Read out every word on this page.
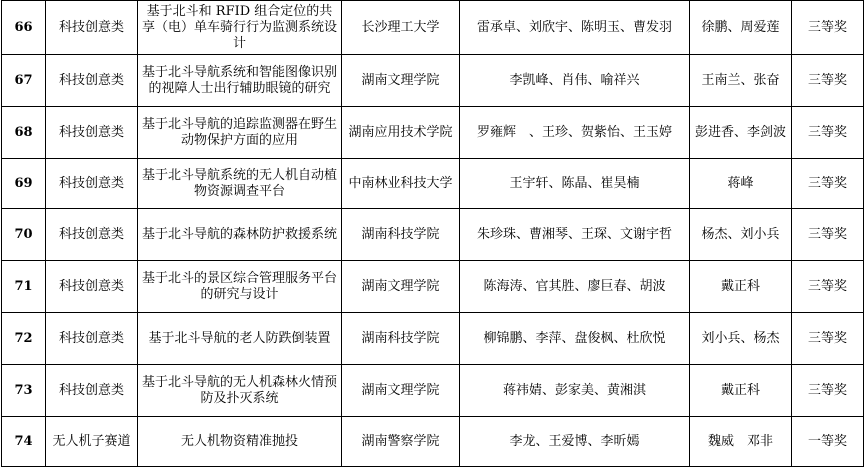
66	科技创意类	基于北斗和 RFID 组合定位的共享（电）单车骑行行为监测系统设计	长沙理工大学	雷承卓、刘欣宇、陈明玉、曹发羽	徐鹏、周爱莲	三等奖
67	科技创意类	基于北斗导航系统和智能图像识别的视障人士出行辅助眼镜的研究	湖南文理学院	李凯峰、肖伟、喻祥兴	王南兰、张奋	三等奖
68	科技创意类	基于北斗导航的追踪监测器在野生动物保护方面的应用	湖南应用技术学院	罗雍辉　、王珍、贺紫怡、王玉婷	彭进香、李剑波	三等奖
69	科技创意类	基于北斗导航系统的无人机自动植物资源调查平台	中南林业科技大学	王宇轩、陈晶、崔昊楠	蒋峰	三等奖
70	科技创意类	基于北斗导航的森林防护救援系统	湖南科技学院	朱珍珠、曹湘琴、王琛、文谢宇哲	杨杰、刘小兵	三等奖
71	科技创意类	基于北斗的景区综合管理服务平台的研究与设计	湖南文理学院	陈海涛、官其胜、廖巨春、胡波	戴正科	三等奖
72	科技创意类	基于北斗导航的老人防跌倒装置	湖南科技学院	柳锦鹏、李萍、盘俊枫、杜欣悦	刘小兵、杨杰	三等奖
73	科技创意类	基于北斗导航的无人机森林火情预防及扑灭系统	湖南文理学院	蒋祎婧、彭家美、黄湘淇	戴正科	三等奖
74	无人机子赛道	无人机物资精准抛投	湖南警察学院	李龙、王爱博、李昕嫣	魏威　邓非	一等奖
